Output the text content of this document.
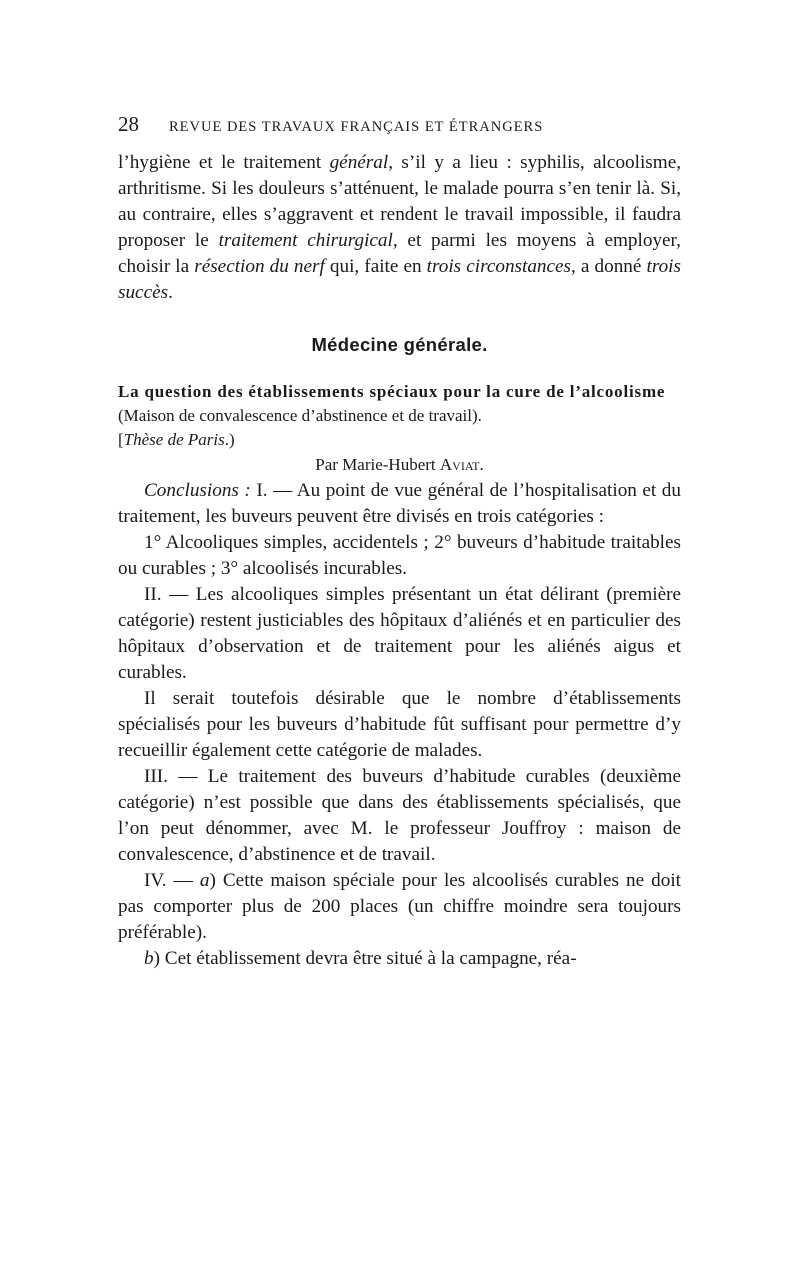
28 REVUE DES TRAVAUX FRANÇAIS ET ÉTRANGERS

l’hygiène et le traitement général, s’il y a lieu : syphilis, alcoolisme, arthritisme. Si les douleurs s’atténuent, le malade pourra s’en tenir là. Si, au contraire, elles s’aggravent et rendent le travail impossible, il faudra proposer le traitement chirurgical, et parmi les moyens à employer, choisir la résection du nerf qui, faite en trois circonstances, a donné trois succès.

Médecine générale.

La question des établissements spéciaux pour la cure de l’alcoolisme (Maison de convalescence d’abstinence et de travail).

[Thèse de Paris.)

Par Marie-Hubert Aviat.

Conclusions : I. — Au point de vue général de l’hospitalisation et du traitement, les buveurs peuvent être divisés en trois catégories :

1° Alcooliques simples, accidentels ; 2° buveurs d’habitude traitables ou curables ; 3° alcoolisés incurables.

II. — Les alcooliques simples présentant un état délirant (première catégorie) restent justiciables des hôpitaux d’aliénés et en particulier des hôpitaux d’observation et de traitement pour les aliénés aigus et curables.

Il serait toutefois désirable que le nombre d’établissements spécialisés pour les buveurs d’habitude fût suffisant pour permettre d’y recueillir également cette catégorie de malades.

III. — Le traitement des buveurs d’habitude curables (deuxième catégorie) n’est possible que dans des établissements spécialisés, que l’on peut dénommer, avec M. le professeur Jouffroy : maison de convalescence, d’abstinence et de travail.

IV. — a) Cette maison spéciale pour les alcoolisés curables ne doit pas comporter plus de 200 places (un chiffre moindre sera toujours préférable).

b) Cet établissement devra être situé à la campagne, réa-
